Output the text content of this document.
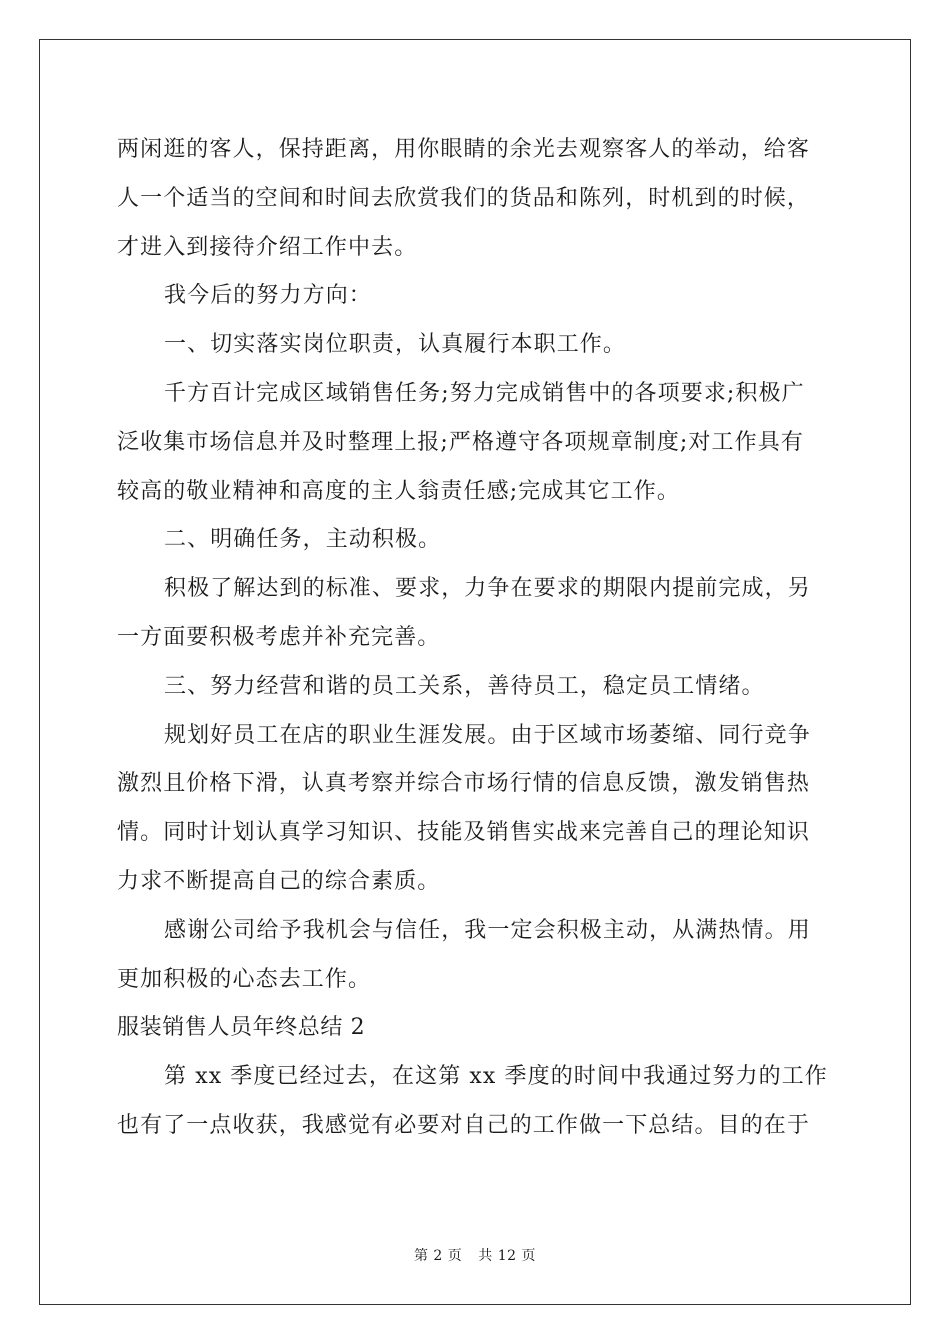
两闲逛的客人，保持距离，用你眼睛的余光去观察客人的举动，给客
人一个适当的空间和时间去欣赏我们的货品和陈列，时机到的时候，
才进入到接待介绍工作中去。
我今后的努力方向：
一、切实落实岗位职责，认真履行本职工作。
千方百计完成区域销售任务;努力完成销售中的各项要求;积极广
泛收集市场信息并及时整理上报;严格遵守各项规章制度;对工作具有
较高的敬业精神和高度的主人翁责任感;完成其它工作。
二、明确任务，主动积极。
积极了解达到的标准、要求，力争在要求的期限内提前完成，另
一方面要积极考虑并补充完善。
三、努力经营和谐的员工关系，善待员工，稳定员工情绪。
规划好员工在店的职业生涯发展。由于区域市场萎缩、同行竞争
激烈且价格下滑，认真考察并综合市场行情的信息反馈，激发销售热
情。同时计划认真学习知识、技能及销售实战来完善自己的理论知识
力求不断提高自己的综合素质。
感谢公司给予我机会与信任，我一定会积极主动，从满热情。用
更加积极的心态去工作。
服装销售人员年终总结 2
第 xx 季度已经过去，在这第 xx 季度的时间中我通过努力的工作
也有了一点收获，我感觉有必要对自己的工作做一下总结。目的在于
第 2 页 共 12 页
